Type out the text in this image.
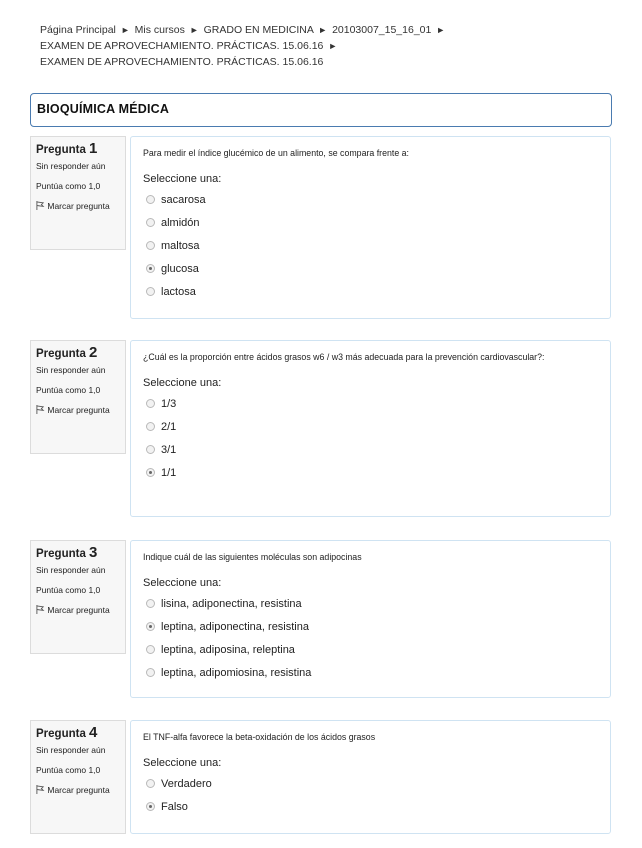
Página Principal ► Mis cursos ► GRADO EN MEDICINA ► 20103007_15_16_01 ►
EXAMEN DE APROVECHAMIENTO. PRÁCTICAS. 15.06.16 ►
EXAMEN DE APROVECHAMIENTO. PRÁCTICAS. 15.06.16
BIOQUÍMICA MÉDICA
Pregunta 1
Sin responder aún
Puntúa como 1,0
Marcar pregunta
Para medir el índice glucémico de un alimento, se compara frente a:
Seleccione una:
sacarosa
almidón
maltosa
glucosa
lactosa
Pregunta 2
Sin responder aún
Puntúa como 1,0
Marcar pregunta
¿Cuál es la proporción entre ácidos grasos w6 / w3 más adecuada para la prevención cardiovascular?:
Seleccione una:
1/3
2/1
3/1
1/1
Pregunta 3
Sin responder aún
Puntúa como 1,0
Marcar pregunta
Indique cuál de las siguientes moléculas son adipocinas
Seleccione una:
lisina, adiponectina, resistina
leptina, adiponectina, resistina
leptina, adiposina, releptina
leptina, adipomiosina, resistina
Pregunta 4
Sin responder aún
Puntúa como 1,0
Marcar pregunta
El TNF-alfa favorece la beta-oxidación de los ácidos grasos
Seleccione una:
Verdadero
Falso
